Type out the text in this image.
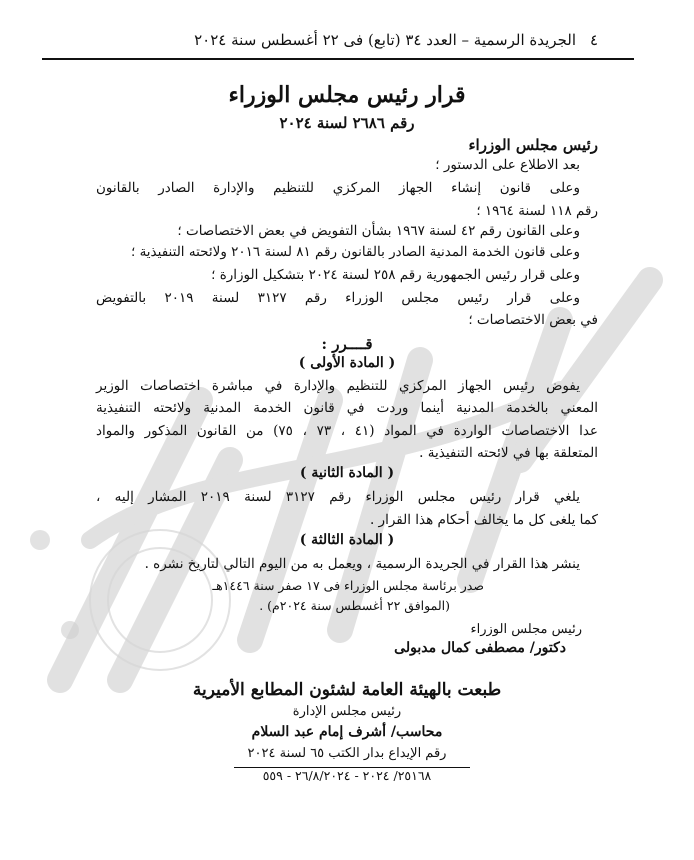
٤
الجريدة الرسمية – العدد ٣٤ (تابع) فى ٢٢ أغسطس سنة ٢٠٢٤
قرار رئيس مجلس الوزراء
رقم ٢٦٨٦ لسنة ٢٠٢٤
رئيس مجلس الوزراء
بعد الاطلاع على الدستور ؛
وعلى قانون إنشاء الجهاز المركزي للتنظيم والإدارة الصادر بالقانون
رقم ١١٨ لسنة ١٩٦٤ ؛
وعلى القانون رقم ٤٢ لسنة ١٩٦٧ بشأن التفويض في بعض الاختصاصات ؛
وعلى قانون الخدمة المدنية الصادر بالقانون رقم ٨١ لسنة ٢٠١٦ ولائحته التنفيذية ؛
وعلى قرار رئيس الجمهورية رقم ٢٥٨ لسنة ٢٠٢٤ بتشكيل الوزارة ؛
وعلى قرار رئيس مجلس الوزراء رقم ٣١٢٧ لسنة ٢٠١٩ بالتفويض
في بعض الاختصاصات ؛
قــــرر :
( المادة الأولى )
يفوض رئيس الجهاز المركزي للتنظيم والإدارة في مباشرة اختصاصات الوزير
المعني بالخدمة المدنية أينما وردت في قانون الخدمة المدنية ولائحته التنفيذية
عدا الاختصاصات الواردة في المواد (٤١ ، ٧٣ ، ٧٥) من القانون المذكور والمواد
المتعلقة بها في لائحته التنفيذية .
( المادة الثانية )
يلغي قرار رئيس مجلس الوزراء رقم ٣١٢٧ لسنة ٢٠١٩ المشار إليه ،
كما يلغى كل ما يخالف أحكام هذا القرار .
( المادة الثالثة )
ينشر هذا القرار في الجريدة الرسمية ، ويعمل به من اليوم التالي لتاريخ نشره .
صدر برئاسة مجلس الوزراء فى ١٧ صفر سنة ١٤٤٦هـ
(الموافق ٢٢ أغسطس سنة ٢٠٢٤م) .
رئيس مجلس الوزراء
دكتور/ مصطفى كمال مدبولى
طبعت بالهيئة العامة لشئون المطابع الأميرية
رئيس مجلس الإدارة
محاسب/ أشرف إمام عبد السلام
رقم الإيداع بدار الكتب ٦٥ لسنة ٢٠٢٤
٢٥١٦٨/ ٢٠٢٤ - ٢٦/٨/٢٠٢٤ - ٥٥٩
